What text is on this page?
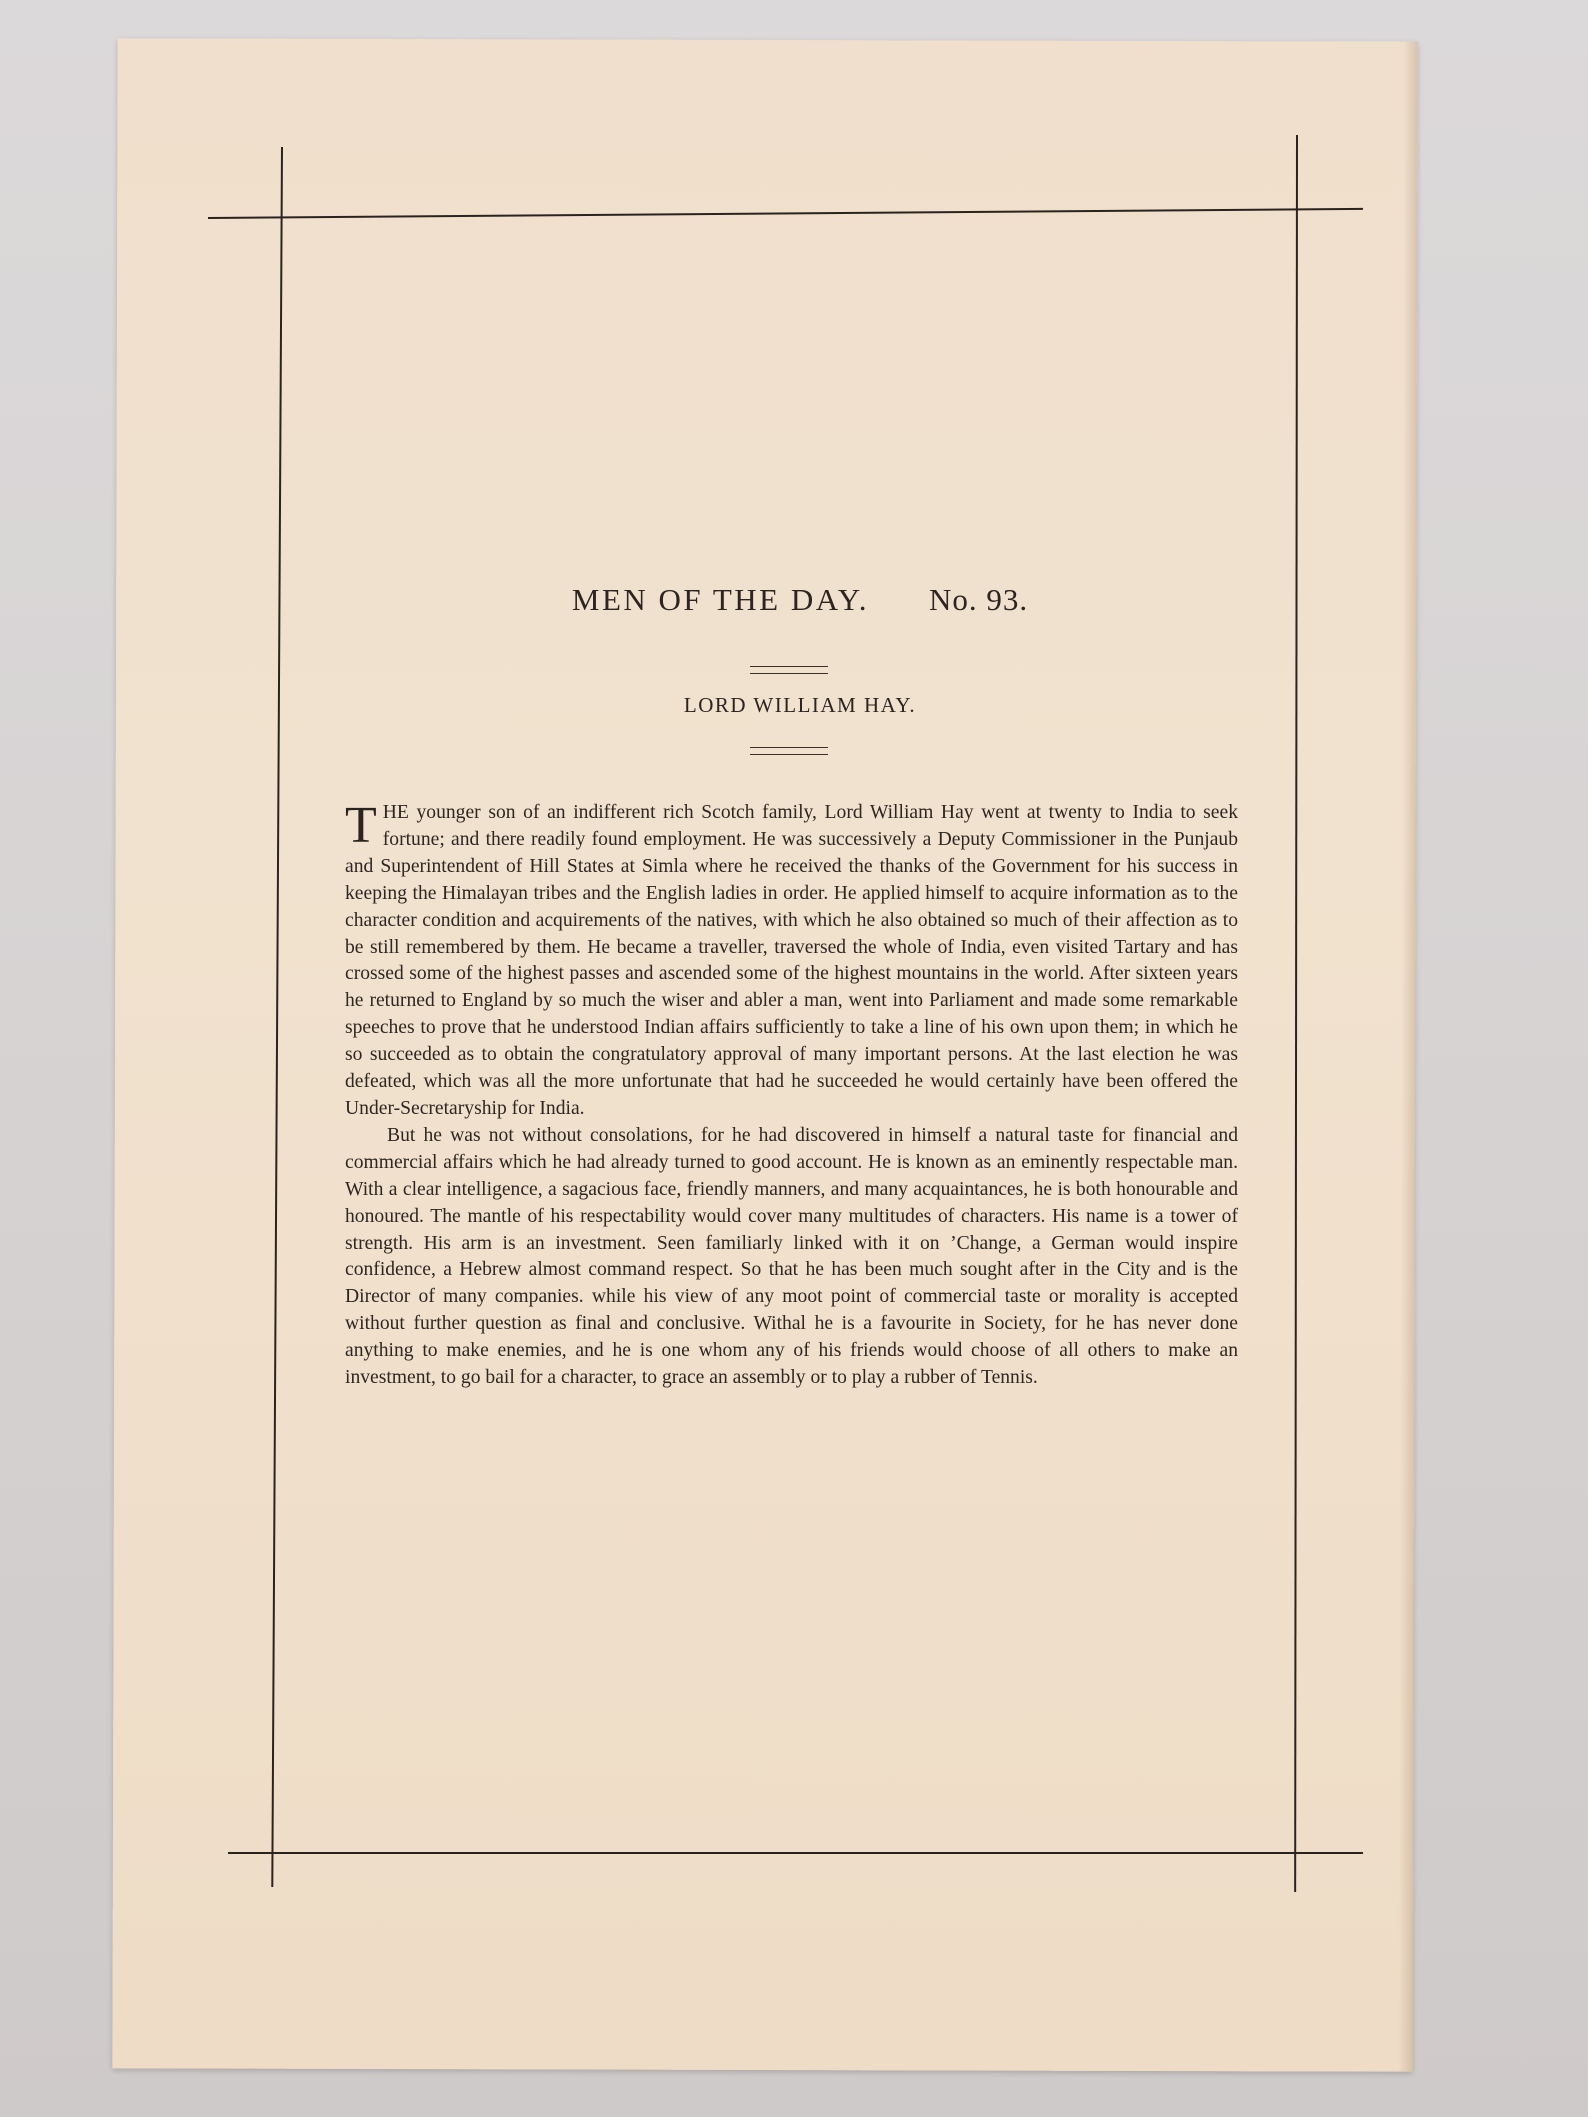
MEN OF THE DAY. No. 93.
LORD WILLIAM HAY.

THE younger son of an indifferent rich Scotch family, Lord William Hay went at twenty to India to seek fortune; and there readily found employment. He was successively a Deputy Commissioner in the Punjaub and Superintendent of Hill States at Simla where he received the thanks of the Government for his success in keeping the Himalayan tribes and the English ladies in order. He applied himself to acquire information as to the character condition and acquirements of the natives, with which he also obtained so much of their affection as to be still remembered by them. He became a traveller, traversed the whole of India, even visited Tartary and has crossed some of the highest passes and ascended some of the highest mountains in the world. After sixteen years he returned to England by so much the wiser and abler a man, went into Parliament and made some remarkable speeches to prove that he understood Indian affairs sufficiently to take a line of his own upon them; in which he so succeeded as to obtain the congratulatory approval of many important persons. At the last election he was defeated, which was all the more unfortunate that had he succeeded he would certainly have been offered the Under-Secretaryship for India.

But he was not without consolations, for he had discovered in himself a natural taste for financial and commercial affairs which he had already turned to good account. He is known as an eminently respectable man. With a clear intelligence, a sagacious face, friendly manners, and many acquaintances, he is both honourable and honoured. The mantle of his respectability would cover many multitudes of characters. His name is a tower of strength. His arm is an investment. Seen familiarly linked with it on ’Change, a German would inspire confidence, a Hebrew almost command respect. So that he has been much sought after in the City and is the Director of many companies. while his view of any moot point of commercial taste or morality is accepted without further question as final and conclusive. Withal he is a favourite in Society, for he has never done anything to make enemies, and he is one whom any of his friends would choose of all others to make an investment, to go bail for a character, to grace an assembly or to play a rubber of Tennis.
